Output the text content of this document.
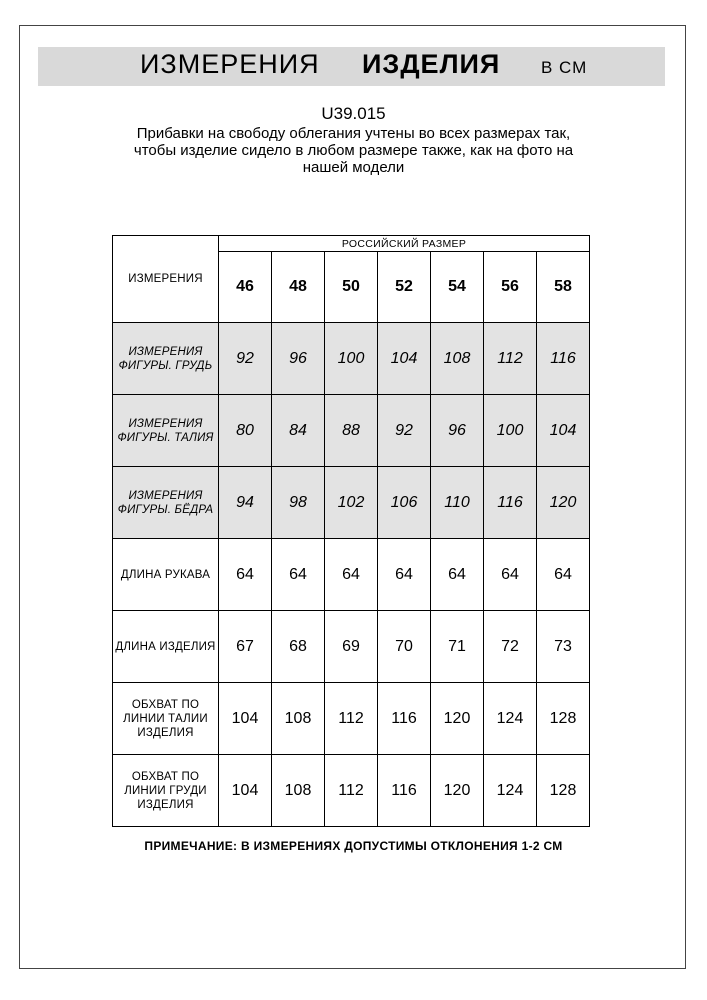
ИЗМЕРЕНИЯ ИЗДЕЛИЯ В СМ
U39.015
Прибавки на свободу облегания учтены во всех размерах так,
чтобы изделие сидело в любом размере также, как на фото на
нашей модели
ИЗМЕРЕНИЯ	РОССИЙСКИЙ РАЗМЕР						
	46	48	50	52	54	56	58

ИЗМЕРЕНИЯ
ФИГУРЫ. ГРУДЬ	92	96	100	104	108	112	116

ИЗМЕРЕНИЯ
ФИГУРЫ. ТАЛИЯ	80	84	88	92	96	100	104

ИЗМЕРЕНИЯ
ФИГУРЫ. БЁДРА	94	98	102	106	110	116	120

ДЛИНА РУКАВА	64	64	64	64	64	64	64

ДЛИНА ИЗДЕЛИЯ	67	68	69	70	71	72	73

ОБХВАТ ПО
ЛИНИИ ТАЛИИ
ИЗДЕЛИЯ	104	108	112	116	120	124	128

ОБХВАТ ПО
ЛИНИИ ГРУДИ
ИЗДЕЛИЯ	104	108	112	116	120	124	128
ПРИМЕЧАНИЕ: В ИЗМЕРЕНИЯХ ДОПУСТИМЫ ОТКЛОНЕНИЯ 1-2 СМ
